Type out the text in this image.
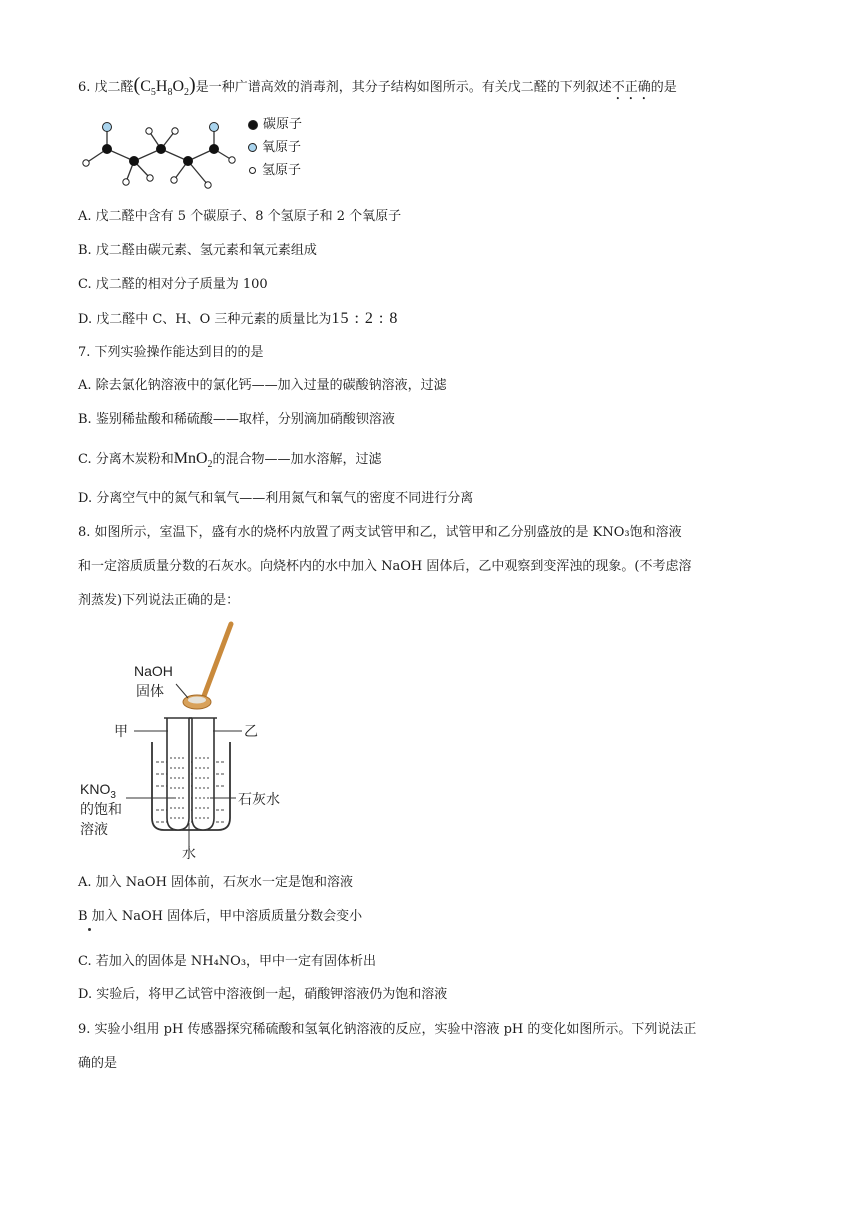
6. 戊二醛$(C_5H_8O_2)$是一种广谱高效的消毒剂，其分子结构如图所示。有关戊二醛的下列叙述不正确的是
碳原子
氧原子
氢原子
A. 戊二醛中含有 5 个碳原子、8 个氢原子和 2 个氧原子
B. 戊二醛由碳元素、氢元素和氧元素组成
C. 戊二醛的相对分子质量为 100
D. 戊二醛中 C、H、O 三种元素的质量比为15 : 2 : 8
7. 下列实验操作能达到目的的是
A. 除去氯化钠溶液中的氯化钙——加入过量的碳酸钠溶液，过滤
B. 鉴别稀盐酸和稀硫酸——取样，分别滴加硝酸钡溶液
C. 分离木炭粉和MnO$_2$的混合物——加水溶解，过滤
D. 分离空气中的氮气和氧气——利用氮气和氧气的密度不同进行分离
8. 如图所示，室温下，盛有水的烧杯内放置了两支试管甲和乙，试管甲和乙分别盛放的是 KNO₃饱和溶液
和一定溶质质量分数的石灰水。向烧杯内的水中加入 NaOH 固体后，乙中观察到变浑浊的现象。(不考虑溶
剂蒸发)下列说法正确的是：
NaOH
固体
甲	乙
$KNO_3$
的饱和
溶液
石灰水
水
A. 加入 NaOH 固体前，石灰水一定是饱和溶液
B 加入 NaOH 固体后，甲中溶质质量分数会变小
C. 若加入的固体是 NH₄NO₃，甲中一定有固体析出
D. 实验后，将甲乙试管中溶液倒一起，硝酸钾溶液仍为饱和溶液
9. 实验小组用 pH 传感器探究稀硫酸和氢氧化钠溶液的反应，实验中溶液 pH 的变化如图所示。下列说法正
确的是
